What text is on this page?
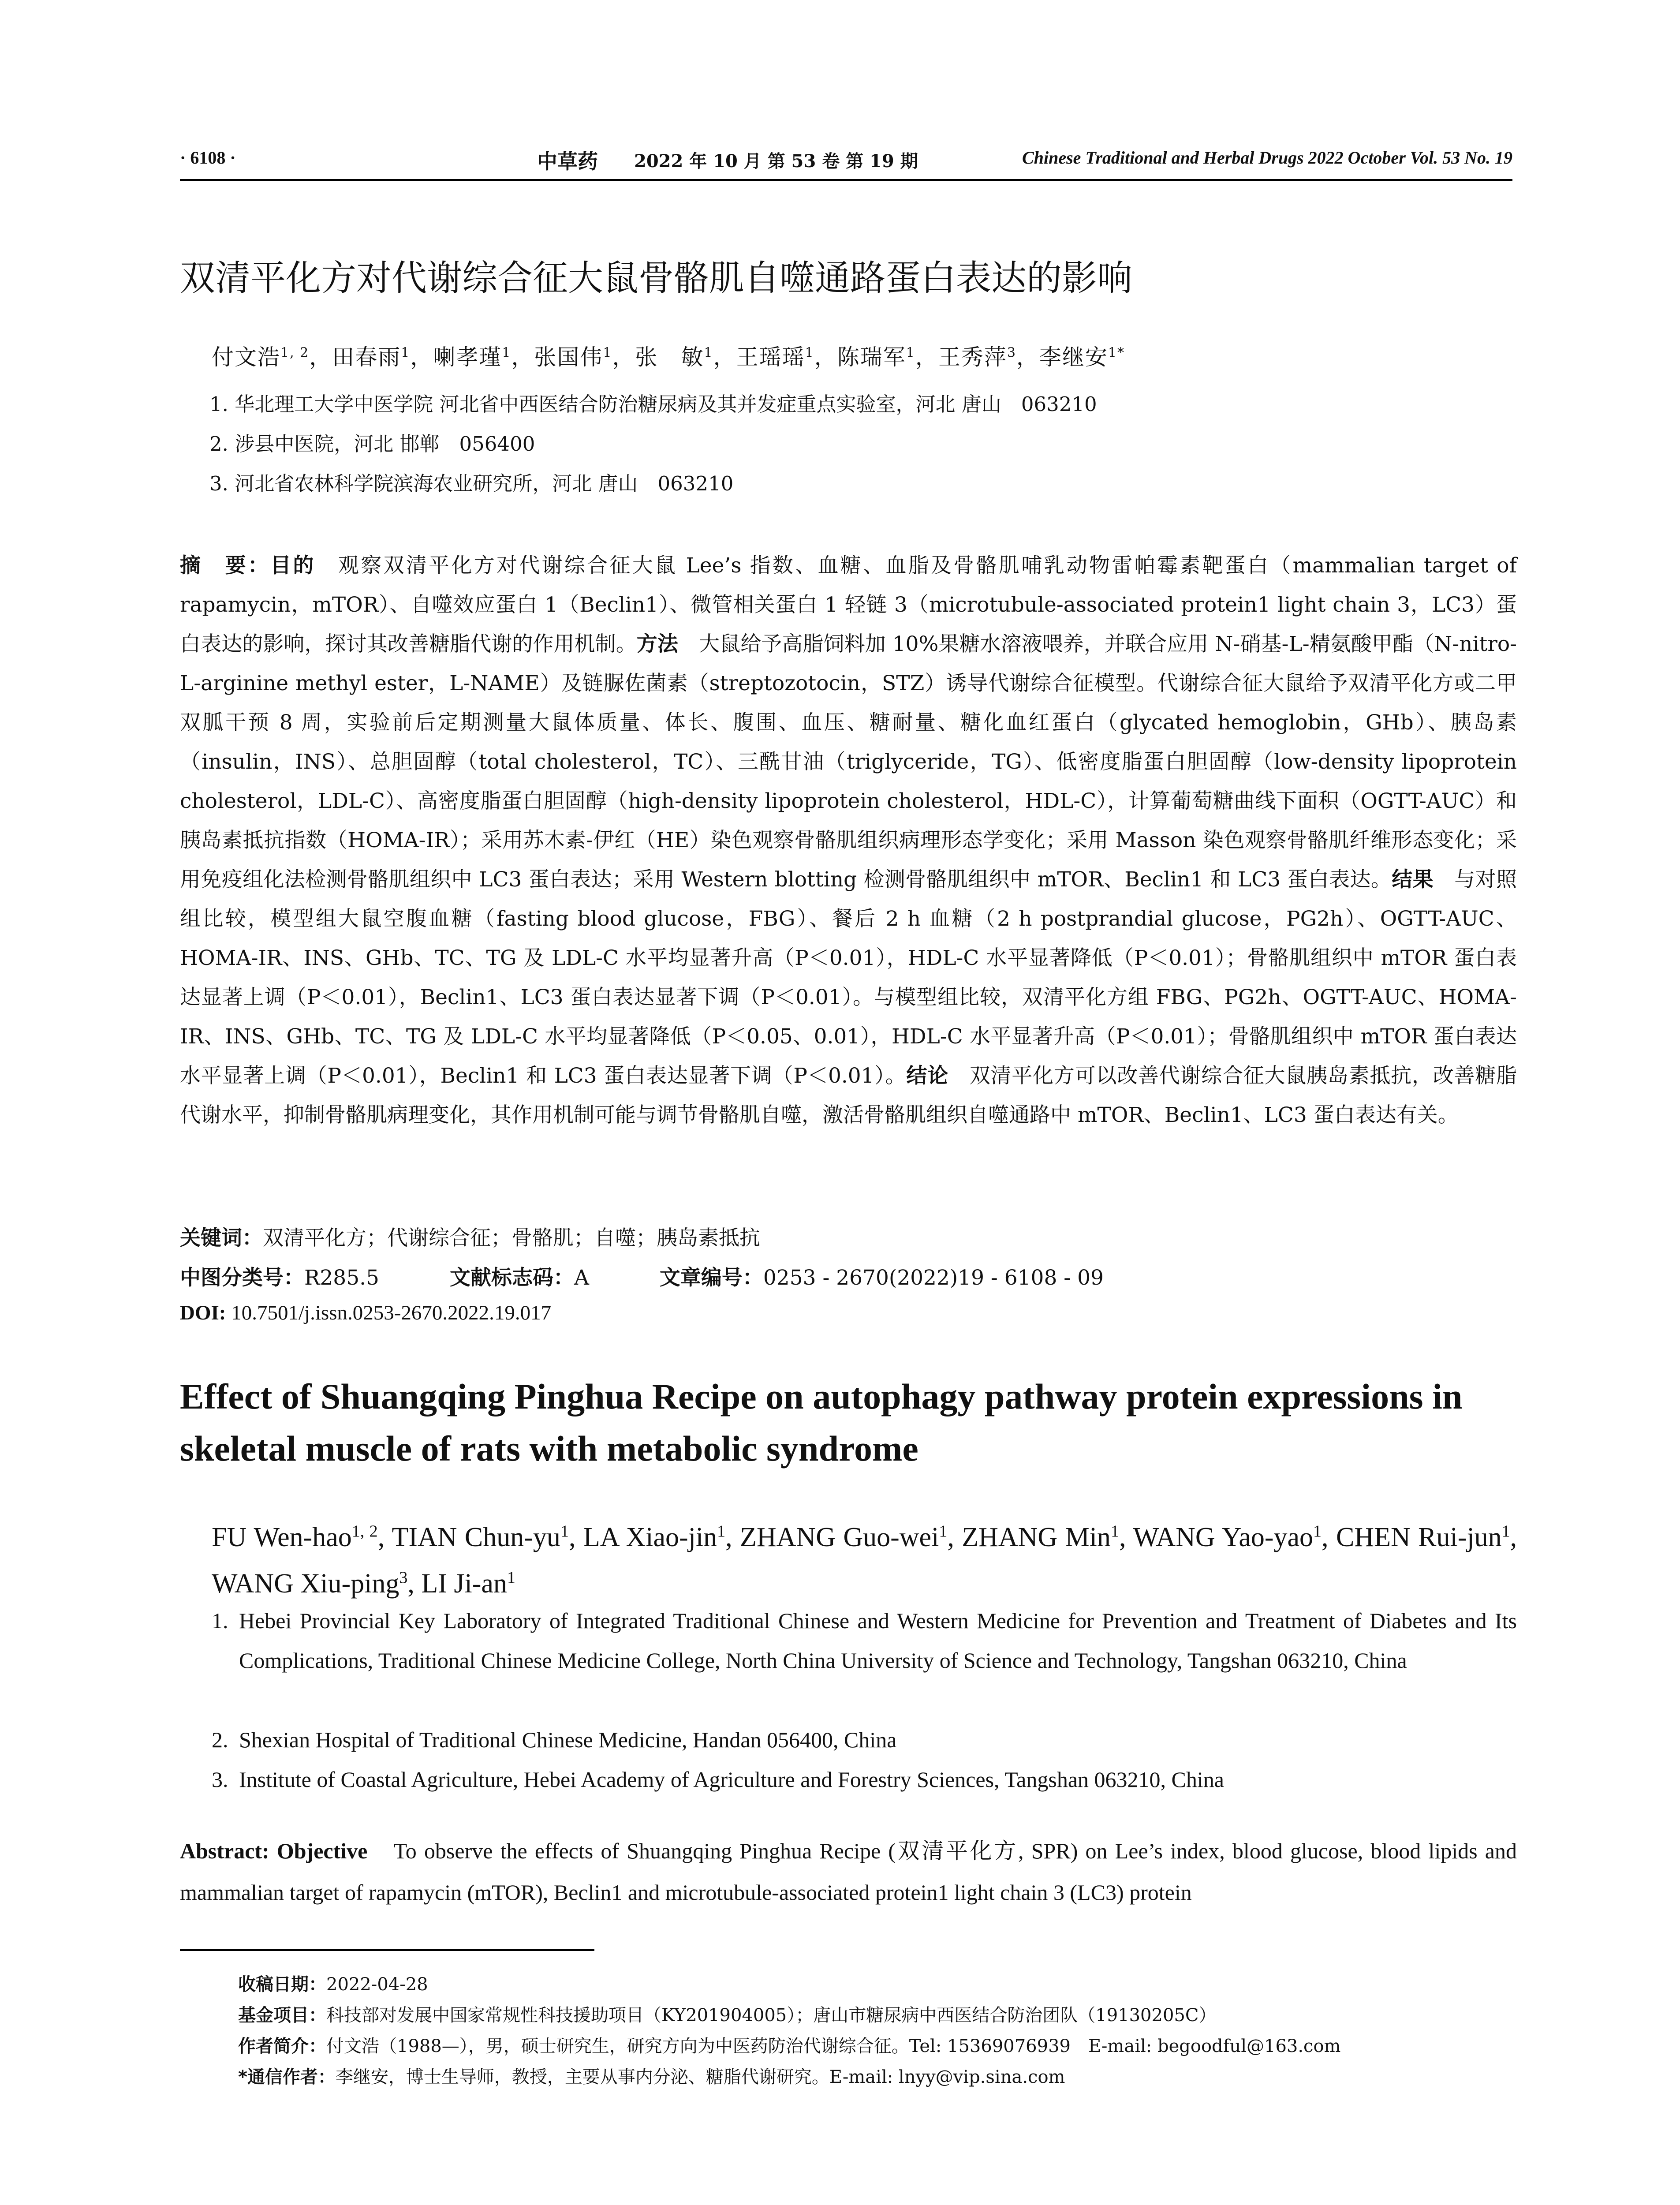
· 6108 ·	中草药 2022 年 10 月 第 53 卷 第 19 期	Chinese Traditional and Herbal Drugs 2022 October Vol. 53 No. 19
双清平化方对代谢综合征大鼠骨骼肌自噬通路蛋白表达的影响
付文浩$^{1, 2}$，田春雨$^1$，喇孝瑾$^1$，张国伟$^1$，张　敏$^1$，王瑶瑶$^1$，陈瑞军$^1$，王秀萍$^3$，李继安$^{1*}$
1. 华北理工大学中医学院 河北省中西医结合防治糖尿病及其并发症重点实验室，河北 唐山　063210
2. 涉县中医院，河北 邯郸　056400
3. 河北省农林科学院滨海农业研究所，河北 唐山　063210
摘　要：目的　观察双清平化方对代谢综合征大鼠 Lee’s 指数、血糖、血脂及骨骼肌哺乳动物雷帕霉素靶蛋白（mammalian target of rapamycin，mTOR）、自噬效应蛋白 1（Beclin1）、微管相关蛋白 1 轻链 3（microtubule-associated protein1 light chain 3，LC3）蛋白表达的影响，探讨其改善糖脂代谢的作用机制。方法　大鼠给予高脂饲料加 10%果糖水溶液喂养，并联合应用 N-硝基-L-精氨酸甲酯（N-nitro-L-arginine methyl ester，L-NAME）及链脲佐菌素（streptozotocin，STZ）诱导代谢综合征模型。代谢综合征大鼠给予双清平化方或二甲双胍干预 8 周，实验前后定期测量大鼠体质量、体长、腹围、血压、糖耐量、糖化血红蛋白（glycated hemoglobin，GHb）、胰岛素（insulin，INS）、总胆固醇（total cholesterol，TC）、三酰甘油（triglyceride，TG）、低密度脂蛋白胆固醇（low-density lipoprotein cholesterol，LDL-C）、高密度脂蛋白胆固醇（high-density lipoprotein cholesterol，HDL-C），计算葡萄糖曲线下面积（OGTT-AUC）和胰岛素抵抗指数（HOMA-IR）；采用苏木素-伊红（HE）染色观察骨骼肌组织病理形态学变化；采用 Masson 染色观察骨骼肌纤维形态变化；采用免疫组化法检测骨骼肌组织中 LC3 蛋白表达；采用 Western blotting 检测骨骼肌组织中 mTOR、Beclin1 和 LC3 蛋白表达。结果　与对照组比较，模型组大鼠空腹血糖（fasting blood glucose，FBG）、餐后 2 h 血糖（2 h postprandial glucose，PG2h）、OGTT-AUC、HOMA-IR、INS、GHb、TC、TG 及 LDL-C 水平均显著升高（P＜0.01），HDL-C 水平显著降低（P＜0.01）；骨骼肌组织中 mTOR 蛋白表达显著上调（P＜0.01），Beclin1、LC3 蛋白表达显著下调（P＜0.01）。与模型组比较，双清平化方组 FBG、PG2h、OGTT-AUC、HOMA-IR、INS、GHb、TC、TG 及 LDL-C 水平均显著降低（P＜0.05、0.01），HDL-C 水平显著升高（P＜0.01）；骨骼肌组织中 mTOR 蛋白表达水平显著上调（P＜0.01），Beclin1 和 LC3 蛋白表达显著下调（P＜0.01）。结论　双清平化方可以改善代谢综合征大鼠胰岛素抵抗，改善糖脂代谢水平，抑制骨骼肌病理变化，其作用机制可能与调节骨骼肌自噬，激活骨骼肌组织自噬通路中 mTOR、Beclin1、LC3 蛋白表达有关。
关键词：双清平化方；代谢综合征；骨骼肌；自噬；胰岛素抵抗
中图分类号：R285.5	文献标志码：A	文章编号：0253 - 2670(2022)19 - 6108 - 09
DOI: 10.7501/j.issn.0253-2670.2022.19.017
Effect of Shuangqing Pinghua Recipe on autophagy pathway protein expressions in skeletal muscle of rats with metabolic syndrome
FU Wen-hao$^{1, 2}$, TIAN Chun-$yu^1$, LA Xiao-jin$^1$, ZHANG Guo-wei$^1$, ZHANG Min$^1$, WANG Yao-yao$^1$, CHEN Rui-jun$^1$, WANG Xiu-ping$^3$, LI $Ji-an^1$
1. Hebei Provincial Key Laboratory of Integrated Traditional Chinese and Western Medicine for Prevention and Treatment of Diabetes and Its Complications, Traditional Chinese Medicine College, North China University of Science and Technology, Tangshan 063210, China
2. Shexian Hospital of Traditional Chinese Medicine, Handan 056400, China
3. Institute of Coastal Agriculture, Hebei Academy of Agriculture and Forestry Sciences, Tangshan 063210, China
Abstract: Objective　To observe the effects of Shuangqing Pinghua Recipe (双清平化方, SPR) on Lee’s index, blood glucose, blood lipids and mammalian target of rapamycin (mTOR), Beclin1 and microtubule-associated protein1 light chain 3 (LC3) protein
收稿日期：2022-04-28
基金项目：科技部对发展中国家常规性科技援助项目（KY201904005）；唐山市糖尿病中西医结合防治团队（19130205C）
作者简介：付文浩（1988—），男，硕士研究生，研究方向为中医药防治代谢综合征。Tel: 15369076939　E-mail: begoodful@163.com
*通信作者：李继安，博士生导师，教授，主要从事内分泌、糖脂代谢研究。E-mail: lnyy@vip.sina.com
